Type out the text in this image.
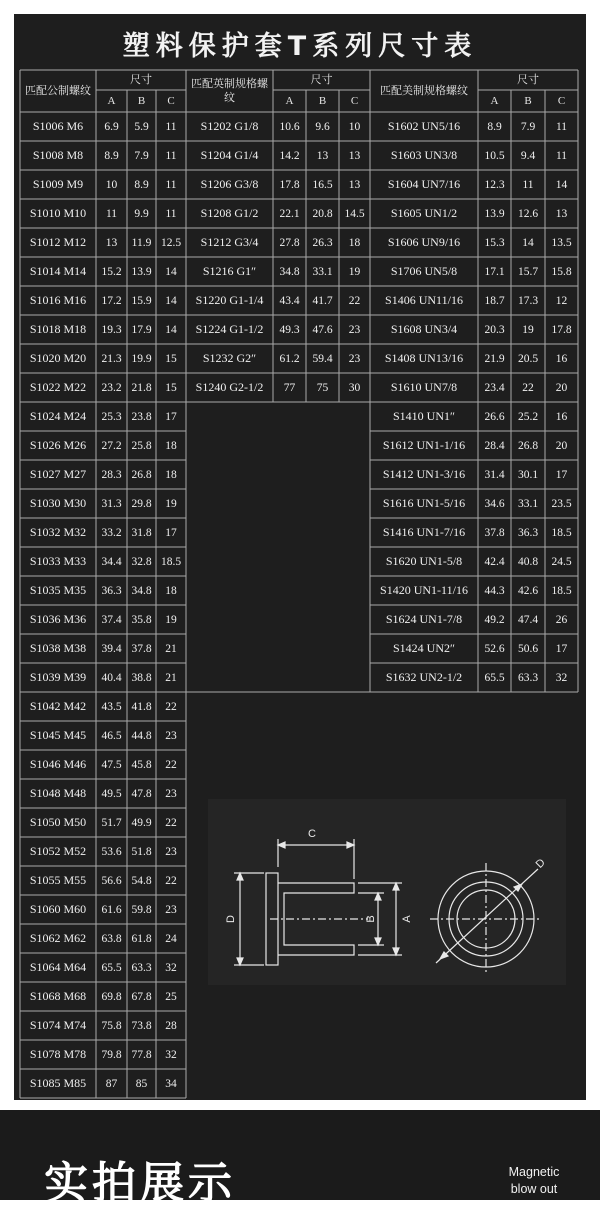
塑料保护套T系列尺寸表
匹配公制螺纹
尺寸
A	B	C
S1006 M6	6.9	5.9	11
S1008 M8	8.9	7.9	11
S1009 M9	10	8.9	11
S1010 M10	11	9.9	11
S1012 M12	13	11.9 12.5
S1014 M14	15.2 13.9	14
S1016 M16	17.2 15.9	14
S1018 M18	19.3 17.9	14
S1020 M20	21.3 19.9	15
S1022 M22	23.2 21.8	15
S1024 M24	25.3 23.8	17
S1026 M26	27.2 25.8	18
S1027 M27	28.3 26.8	18
S1030 M30	31.3 29.8	19
S1032 M32	33.2 31.8	17
S1033 M33	34.4 32.8 18.5
S1035 M35	36.3 34.8	18
S1036 M36	37.4 35.8	19
S1038 M38	39.4 37.8	21
S1039 M39	40.4 38.8	21
S1042 M42	43.5 41.8	22
S1045 M45	46.5 44.8	23
S1046 M46	47.5 45.8	22
S1048 M48	49.5 47.8	23
S1050 M50	51.7 49.9	22
S1052 M52	53.6 51.8	23
S1055 M55	56.6 54.8	22
S1060 M60	61.6 59.8	23
S1062 M62	63.8 61.8	24
S1064 M64	65.5 63.3	32
S1068 M68	69.8 67.8	25
S1074 M74	75.8 73.8	28
S1078 M78	79.8 77.8	32
S1085 M85	87	85	34
匹配英制规格螺纹
尺寸
A	B	C
S1202 G1/8	10.6	9.6	10
S1204 G1/4	14.2	13	13
S1206 G3/8	17.8	16.5	13
S1208 G1/2	22.1	20.8	14.5
S1212 G3/4	27.8	26.3	18
S1216 G1″	34.8	33.1	19
S1220 G1-1/4	43.4	41.7	22
S1224 G1-1/2	49.3	47.6	23
S1232 G2″	61.2	59.4	23
S1240 G2-1/2	77	75	30
匹配美制规格螺纹
尺寸
A	B	C
S1602 UN5/16	8.9	7.9	11
S1603 UN3/8	10.5	9.4	11
S1604 UN7/16	12.3	11	14
S1605 UN1/2	13.9	12.6	13
S1606 UN9/16	15.3	14	13.5
S1706 UN5/8	17.1	15.7	15.8
S1406 UN11/16	18.7	17.3	12
S1608 UN3/4	20.3	19	17.8
S1408 UN13/16	21.9	20.5	16
S1610 UN7/8	23.4	22	20
S1410 UN1″	26.6	25.2	16
S1612 UN1-1/16	28.4	26.8	20
S1412 UN1-3/16	31.4	30.1	17
S1616 UN1-5/16	34.6	33.1	23.5
S1416 UN1-7/16	37.8	36.3	18.5
S1620 UN1-5/8	42.4	40.8	24.5
S1420 UN1-11/16	44.3	42.6	18.5
S1624 UN1-7/8	49.2	47.4	26
S1424 UN2″	52.6	50.6	17
S1632 UN2-1/2	65.5	63.3	32
C
D	B A
D
实拍展示	Magnetic
blow out
